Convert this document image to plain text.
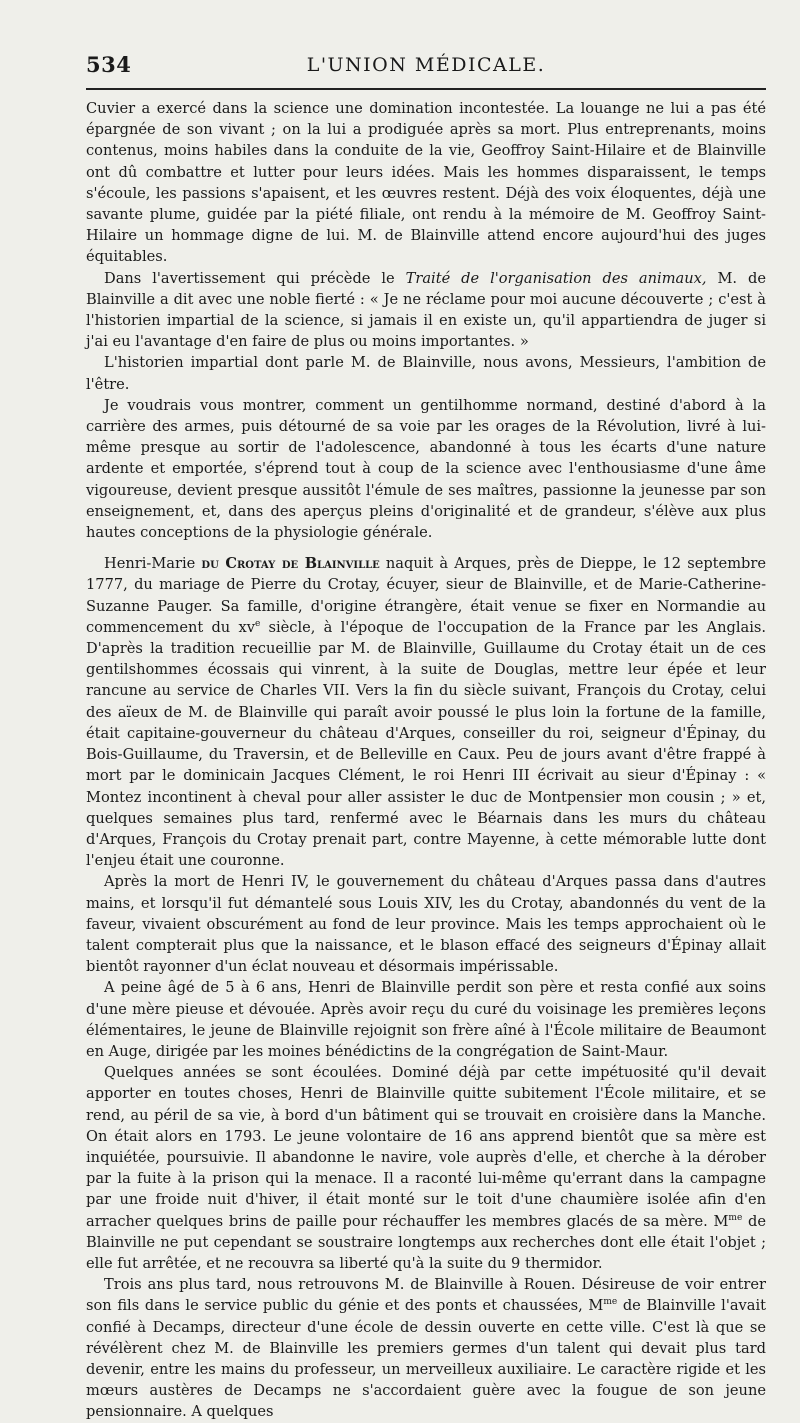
534	L'UNION MÉDICALE.

Cuvier a exercé dans la science une domination incontestée. La louange ne lui a pas été épargnée de son vivant ; on la lui a prodiguée après sa mort. Plus entreprenants, moins contenus, moins habiles dans la conduite de la vie, Geoffroy Saint-Hilaire et de Blainville ont dû combattre et lutter pour leurs idées. Mais les hommes disparaissent, le temps s'écoule, les passions s'apaisent, et les œuvres restent. Déjà des voix éloquentes, déjà une savante plume, guidée par la piété filiale, ont rendu à la mémoire de M. Geoffroy Saint-Hilaire un hommage digne de lui. M. de Blainville attend encore aujourd'hui des juges équitables.

Dans l'avertissement qui précède le Traité de l'organisation des animaux, M. de Blainville a dit avec une noble fierté : « Je ne réclame pour moi aucune découverte ; c'est à l'historien impartial de la science, si jamais il en existe un, qu'il appartiendra de juger si j'ai eu l'avantage d'en faire de plus ou moins importantes. »

L'historien impartial dont parle M. de Blainville, nous avons, Messieurs, l'ambition de l'être.

Je voudrais vous montrer, comment un gentilhomme normand, destiné d'abord à la carrière des armes, puis détourné de sa voie par les orages de la Révolution, livré à lui-même presque au sortir de l'adolescence, abandonné à tous les écarts d'une nature ardente et emportée, s'éprend tout à coup de la science avec l'enthousiasme d'une âme vigoureuse, devient presque aussitôt l'émule de ses maîtres, passionne la jeunesse par son enseignement, et, dans des aperçus pleins d'originalité et de grandeur, s'élève aux plus hautes conceptions de la physiologie générale.

Henri-Marie du Crotay de Blainville naquit à Arques, près de Dieppe, le 12 septembre 1777, du mariage de Pierre du Crotay, écuyer, sieur de Blainville, et de Marie-Catherine-Suzanne Pauger. Sa famille, d'origine étrangère, était venue se fixer en Normandie au commencement du $xv^e$ siècle, à l'époque de l'occupation de la France par les Anglais. D'après la tradition recueillie par M. de Blainville, Guillaume du Crotay était un de ces gentilshommes écossais qui vinrent, à la suite de Douglas, mettre leur épée et leur rancune au service de Charles VII. Vers la fin du siècle suivant, François du Crotay, celui des aïeux de M. de Blainville qui paraît avoir poussé le plus loin la fortune de la famille, était capitaine-gouverneur du château d'Arques, conseiller du roi, seigneur d'Épinay, du Bois-Guillaume, du Traversin, et de Belleville en Caux. Peu de jours avant d'être frappé à mort par le dominicain Jacques Clément, le roi Henri III écrivait au sieur d'Épinay : « Montez incontinent à cheval pour aller assister le duc de Montpensier mon cousin ; » et, quelques semaines plus tard, renfermé avec le Béarnais dans les murs du château d'Arques, François du Crotay prenait part, contre Mayenne, à cette mémorable lutte dont l'enjeu était une couronne.

Après la mort de Henri IV, le gouvernement du château d'Arques passa dans d'autres mains, et lorsqu'il fut démantelé sous Louis XIV, les du Crotay, abandonnés du vent de la faveur, vivaient obscurément au fond de leur province. Mais les temps approchaient où le talent compterait plus que la naissance, et le blason effacé des seigneurs d'Épinay allait bientôt rayonner d'un éclat nouveau et désormais impérissable.

A peine âgé de 5 à 6 ans, Henri de Blainville perdit son père et resta confié aux soins d'une mère pieuse et dévouée. Après avoir reçu du curé du voisinage les premières leçons élémentaires, le jeune de Blainville rejoignit son frère aîné à l'École militaire de Beaumont en Auge, dirigée par les moines bénédictins de la congrégation de Saint-Maur.

Quelques années se sont écoulées. Dominé déjà par cette impétuosité qu'il devait apporter en toutes choses, Henri de Blainville quitte subitement l'École militaire, et se rend, au péril de sa vie, à bord d'un bâtiment qui se trouvait en croisière dans la Manche. On était alors en 1793. Le jeune volontaire de 16 ans apprend bientôt que sa mère est inquiétée, poursuivie. Il abandonne le navire, vole auprès d'elle, et cherche à la dérober par la fuite à la prison qui la menace. Il a raconté lui-même qu'errant dans la campagne par une froide nuit d'hiver, il était monté sur le toit d'une chaumière isolée afin d'en arracher quelques brins de paille pour réchauffer les membres glacés de sa mère. $M^{me}$ de Blainville ne put cependant se soustraire longtemps aux recherches dont elle était l'objet ; elle fut arrêtée, et ne recouvra sa liberté qu'à la suite du 9 thermidor.

Trois ans plus tard, nous retrouvons M. de Blainville à Rouen. Désireuse de voir entrer son fils dans le service public du génie et des ponts et chaussées, $M^{me}$ de Blainville l'avait confié à Decamps, directeur d'une école de dessin ouverte en cette ville. C'est là que se révélèrent chez M. de Blainville les premiers germes d'un talent qui devait plus tard devenir, entre les mains du professeur, un merveilleux auxiliaire. Le caractère rigide et les mœurs austères de Decamps ne s'accordaient guère avec la fougue de son jeune pensionnaire. A quelques
